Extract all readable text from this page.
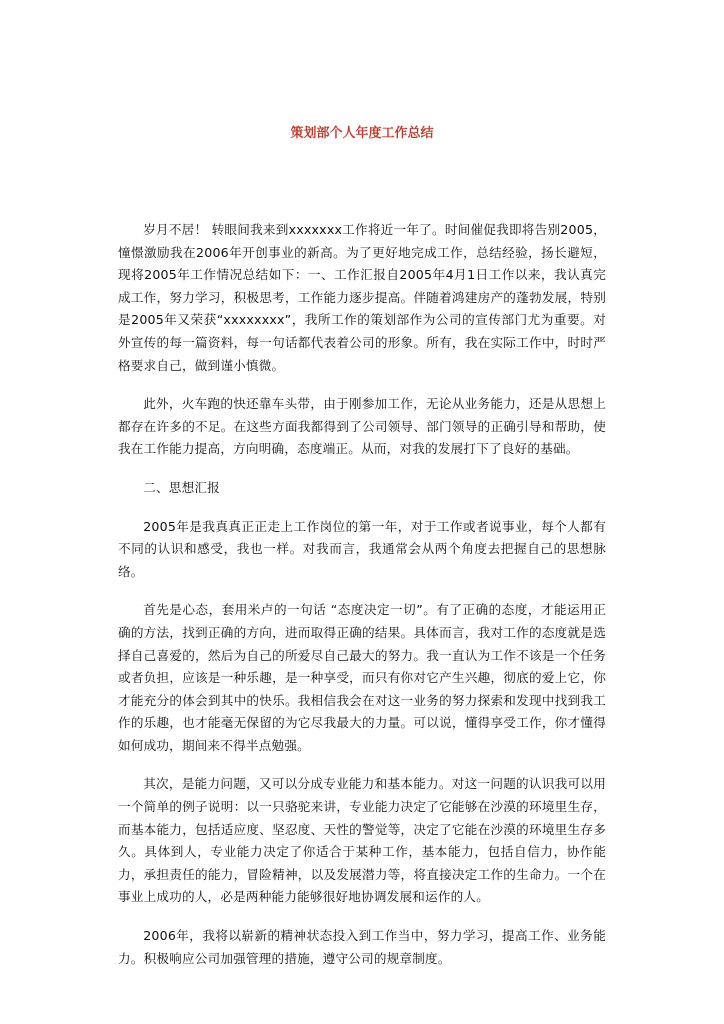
策划部个人年度工作总结

岁月不居！ 转眼间我来到xxxxxxx工作将近一年了。时间催促我即将告别2005，憧憬激励我在2006年开创事业的新高。为了更好地完成工作，总结经验，扬长避短，现将2005年工作情况总结如下：一、工作汇报自2005年4月1日工作以来，我认真完成工作，努力学习，积极思考，工作能力逐步提高。伴随着鸿建房产的蓬勃发展，特别是2005年又荣获“xxxxxxxx”，我所工作的策划部作为公司的宣传部门尤为重要。对外宣传的每一篇资料，每一句话都代表着公司的形象。所有，我在实际工作中，时时严格要求自己，做到谨小慎微。

此外，火车跑的快还靠车头带，由于刚参加工作，无论从业务能力，还是从思想上都存在许多的不足。在这些方面我都得到了公司领导、部门领导的正确引导和帮助，使我在工作能力提高，方向明确，态度端正。从而，对我的发展打下了良好的基础。

二、思想汇报

2005年是我真真正正走上工作岗位的第一年，对于工作或者说事业，每个人都有不同的认识和感受，我也一样。对我而言，我通常会从两个角度去把握自己的思想脉络。

首先是心态，套用米卢的一句话 “态度决定一切”。有了正确的态度，才能运用正确的方法，找到正确的方向，进而取得正确的结果。具体而言，我对工作的态度就是选择自己喜爱的，然后为自己的所爱尽自己最大的努力。我一直认为工作不该是一个任务或者负担，应该是一种乐趣，是一种享受，而只有你对它产生兴趣，彻底的爱上它，你才能充分的体会到其中的快乐。我相信我会在对这一业务的努力探索和发现中找到我工作的乐趣，也才能毫无保留的为它尽我最大的力量。可以说，懂得享受工作，你才懂得如何成功，期间来不得半点勉强。

其次，是能力问题，又可以分成专业能力和基本能力。对这一问题的认识我可以用一个简单的例子说明：以一只骆驼来讲，专业能力决定了它能够在沙漠的环境里生存，而基本能力，包括适应度、坚忍度、天性的警觉等，决定了它能在沙漠的环境里生存多久。具体到人，专业能力决定了你适合于某种工作，基本能力，包括自信力，协作能力，承担责任的能力，冒险精神，以及发展潜力等，将直接决定工作的生命力。一个在事业上成功的人，必是两种能力能够很好地协调发展和运作的人。

2006年，我将以崭新的精神状态投入到工作当中，努力学习，提高工作、业务能力。积极响应公司加强管理的措施，遵守公司的规章制度。
